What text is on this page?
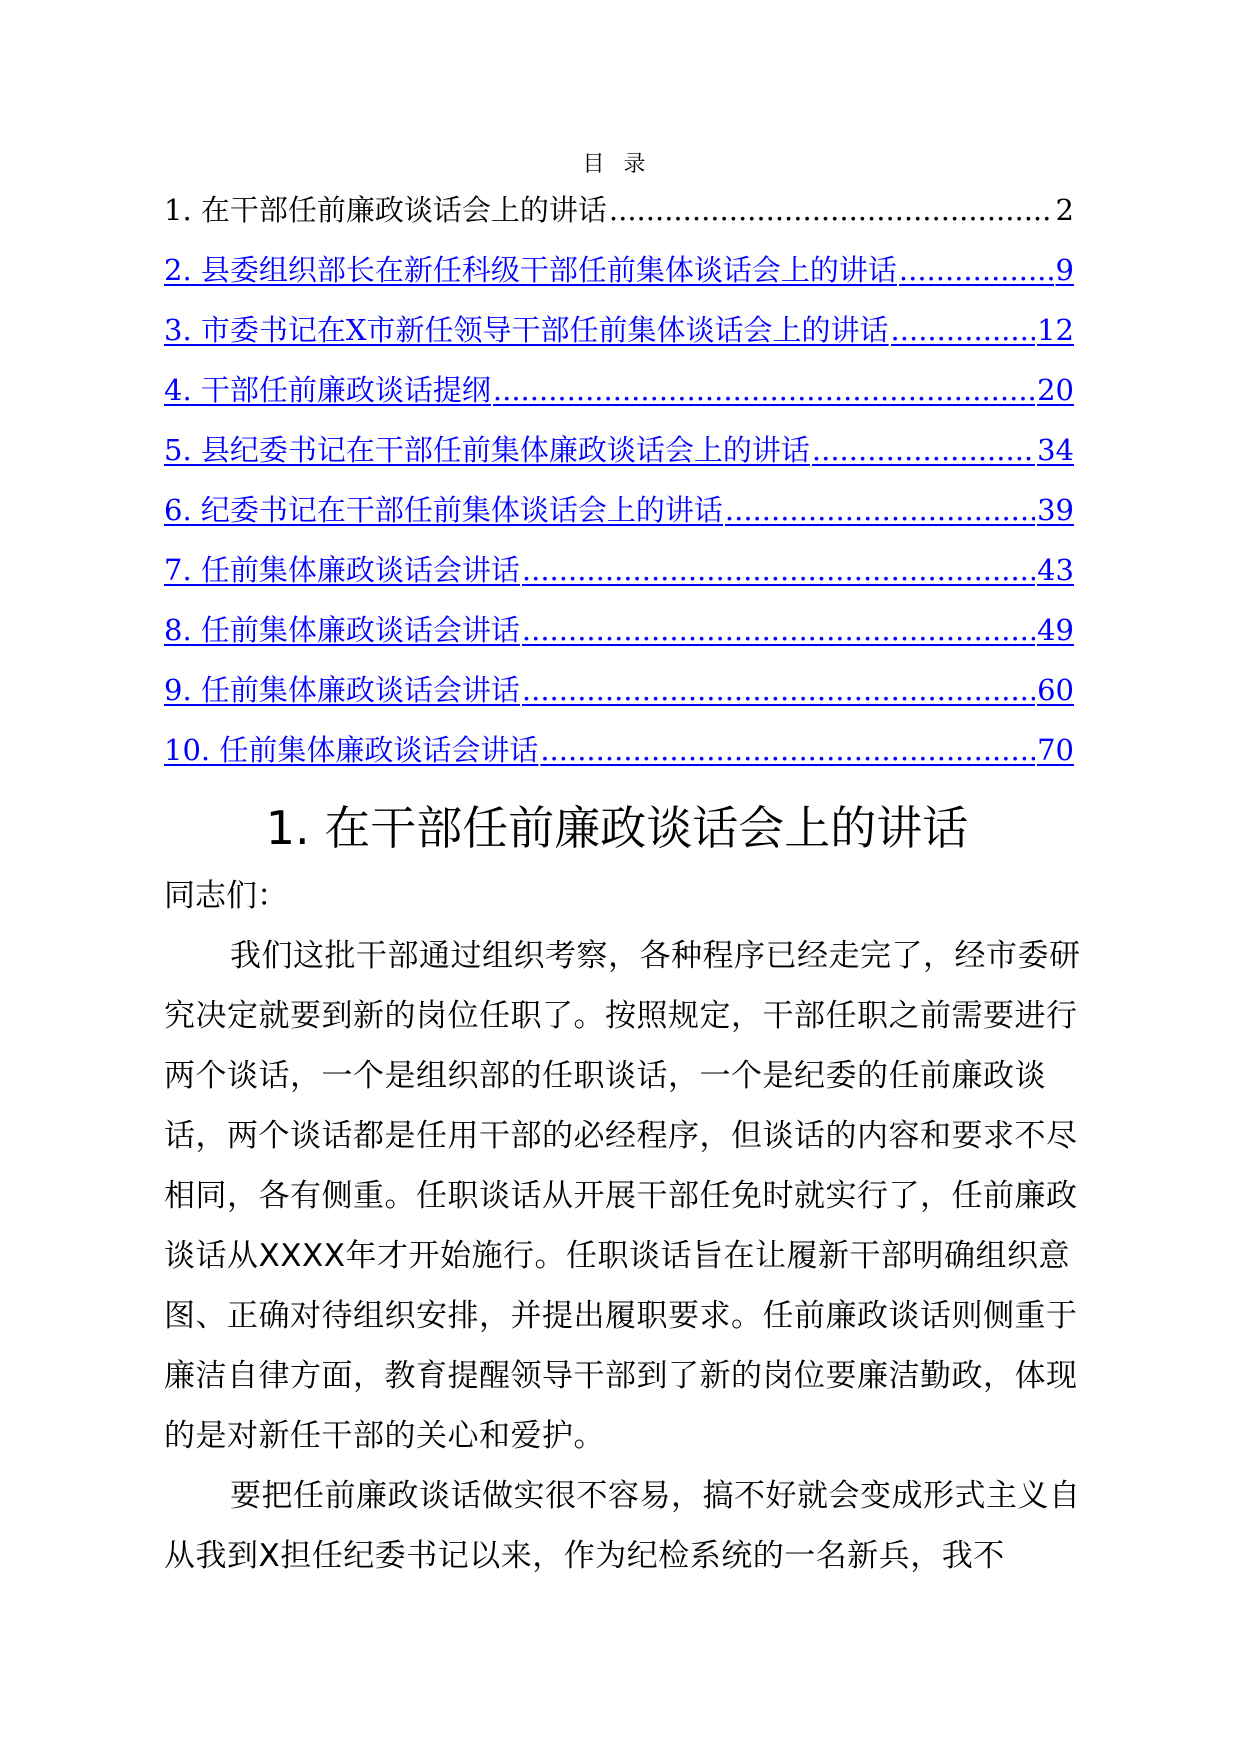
目 录
1. 在干部任前廉政谈话会上的讲话 .....	2
2. 县委组织部长在新任科级干部任前集体谈话会上的讲话 .....	9
3. 市委书记在X市新任领导干部任前集体谈话会上的讲话 .....	12
4. 干部任前廉政谈话提纲 .....	20
5. 县纪委书记在干部任前集体廉政谈话会上的讲话 .....	34
6. 纪委书记在干部任前集体谈话会上的讲话 .....	39
7. 任前集体廉政谈话会讲话 .....	43
8. 任前集体廉政谈话会讲话 .....	49
9. 任前集体廉政谈话会讲话 .....	60
10. 任前集体廉政谈话会讲话 .....	70
1. 在干部任前廉政谈话会上的讲话

同志们：

我们这批干部通过组织考察，各种程序已经走完了，经市委研究决定就要到新的岗位任职了。按照规定，干部任职之前需要进行两个谈话，一个是组织部的任职谈话，一个是纪委的任前廉政谈话，两个谈话都是任用干部的必经程序，但谈话的内容和要求不尽相同，各有侧重。任职谈话从开展干部任免时就实行了，任前廉政谈话从XXXX年才开始施行。任职谈话旨在让履新干部明确组织意图、正确对待组织安排，并提出履职要求。任前廉政谈话则侧重于廉洁自律方面，教育提醒领导干部到了新的岗位要廉洁勤政，体现的是对新任干部的关心和爱护。

要把任前廉政谈话做实很不容易，搞不好就会变成形式主义自从我到X担任纪委书记以来，作为纪检系统的一名新兵，我不
